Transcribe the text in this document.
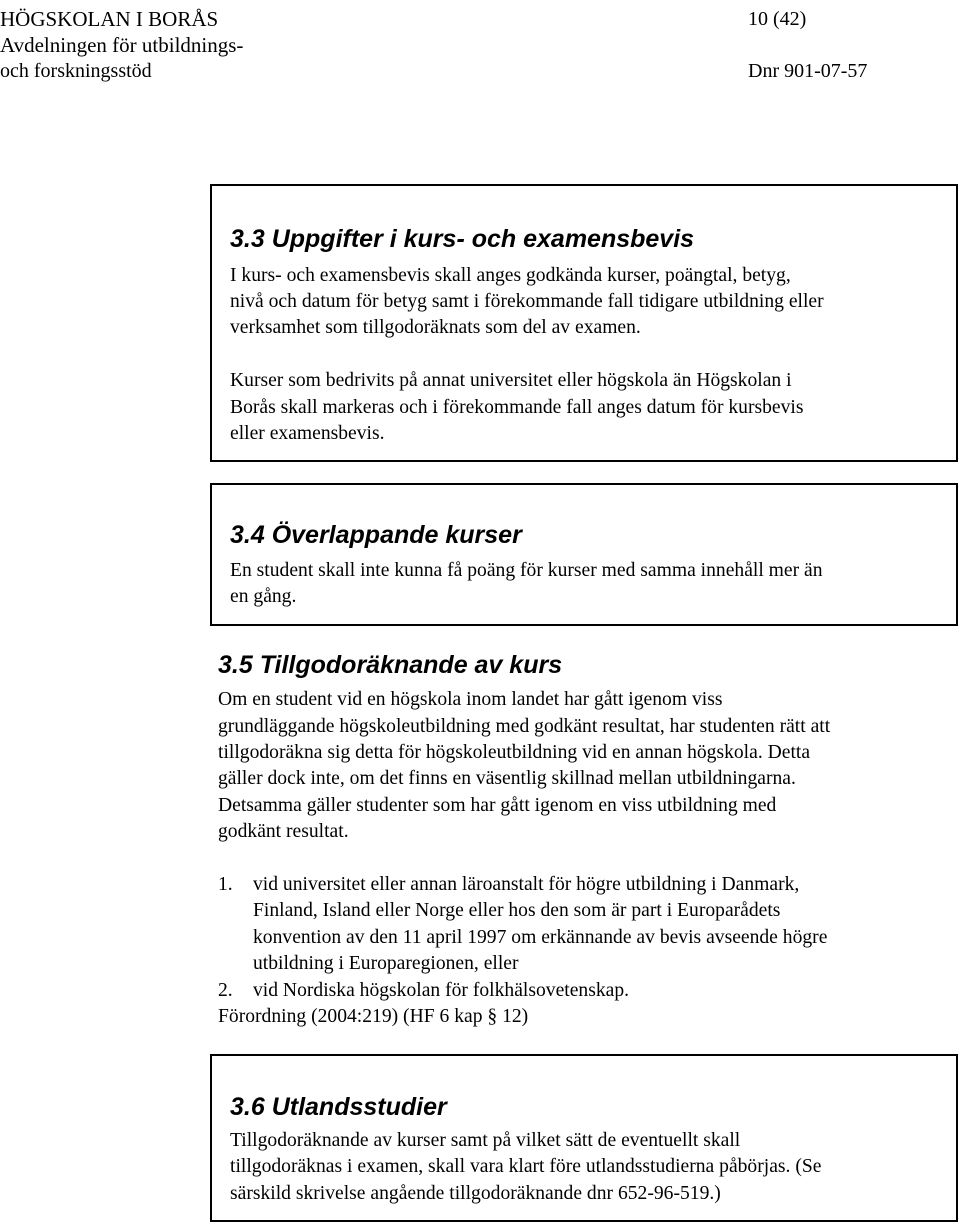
HÖGSKOLAN I BORÅS	10 (42)
Avdelningen för utbildnings-
och forskningsstöd	Dnr 901-07-57
3.3 Uppgifter i kurs- och examensbevis
I kurs- och examensbevis skall anges godkända kurser, poängtal, betyg,
nivå och datum för betyg samt i förekommande fall tidigare utbildning eller
verksamhet som tillgodoräknats som del av examen.
Kurser som bedrivits på annat universitet eller högskola än Högskolan i
Borås skall markeras och i förekommande fall anges datum för kursbevis
eller examensbevis.
3.4 Överlappande kurser
En student skall inte kunna få poäng för kurser med samma innehåll mer än
en gång.
3.5 Tillgodoräknande av kurs
Om en student vid en högskola inom landet har gått igenom viss
grundläggande högskoleutbildning med godkänt resultat, har studenten rätt att
tillgodoräkna sig detta för högskoleutbildning vid en annan högskola. Detta
gäller dock inte, om det finns en väsentlig skillnad mellan utbildningarna.
Detsamma gäller studenter som har gått igenom en viss utbildning med
godkänt resultat.
1. vid universitet eller annan läroanstalt för högre utbildning i Danmark,
Finland, Island eller Norge eller hos den som är part i Europarådets
konvention av den 11 april 1997 om erkännande av bevis avseende högre
utbildning i Europaregionen, eller
2. vid Nordiska högskolan för folkhälsovetenskap.
Förordning (2004:219) (HF 6 kap § 12)
3.6 Utlandsstudier
Tillgodoräknande av kurser samt på vilket sätt de eventuellt skall
tillgodoräknas i examen, skall vara klart före utlandsstudierna påbörjas. (Se
särskild skrivelse angående tillgodoräknande dnr 652-96-519.)
